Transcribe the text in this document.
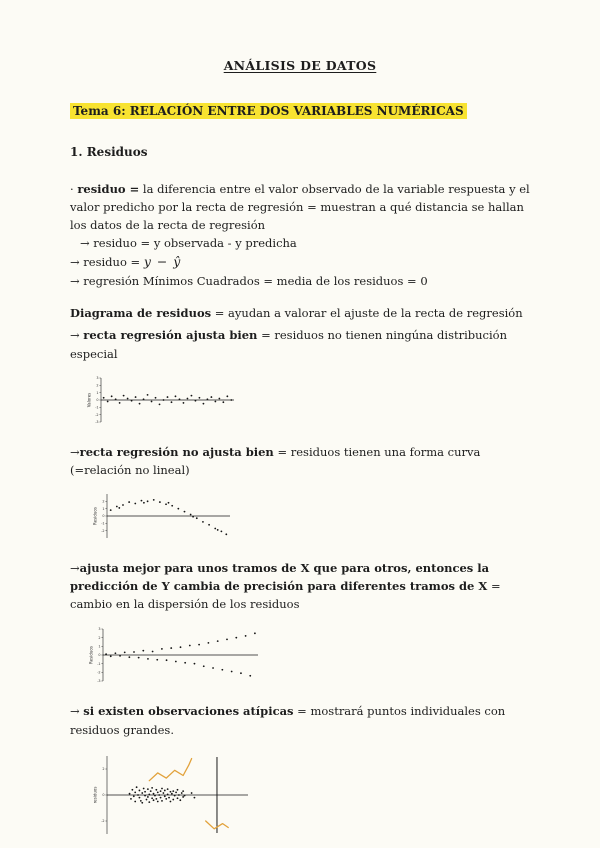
ANÁLISIS DE DATOS

Tema 6: RELACIÓN ENTRE DOS VARIABLES NUMÉRICAS

1. Residuos

· residuo = la diferencia entre el valor observado de la variable respuesta y el valor predicho por la recta de regresión = muestran a qué distancia se hallan los datos de la recta de regresión

→ residuo = y observada - y predicha

→ residuo = y − ŷ

→ regresión Mínimos Cuadrados = media de los residuos = 0

Diagrama de residuos = ayudan a valorar el ajuste de la recta de regresión

→ recta regresión ajusta bien = residuos no tienen ningúna distribución especial

3
2
1
0
-1
-2
-3
Valores

→recta regresión no ajusta bien = residuos tienen una forma curva (=relación no lineal)

2
1
0
-1
-2
Residuos

→ajusta mejor para unos tramos de X que para otros, entonces la predicción de Y cambia de precisión para diferentes tramos de X = cambio en la dispersión de los residuos

3
2
1
0
-1
-2
-3
Residuos

→ si existen observaciones atípicas = mostrará puntos individuales con residuos grandes.

2
0
-2
residuos
